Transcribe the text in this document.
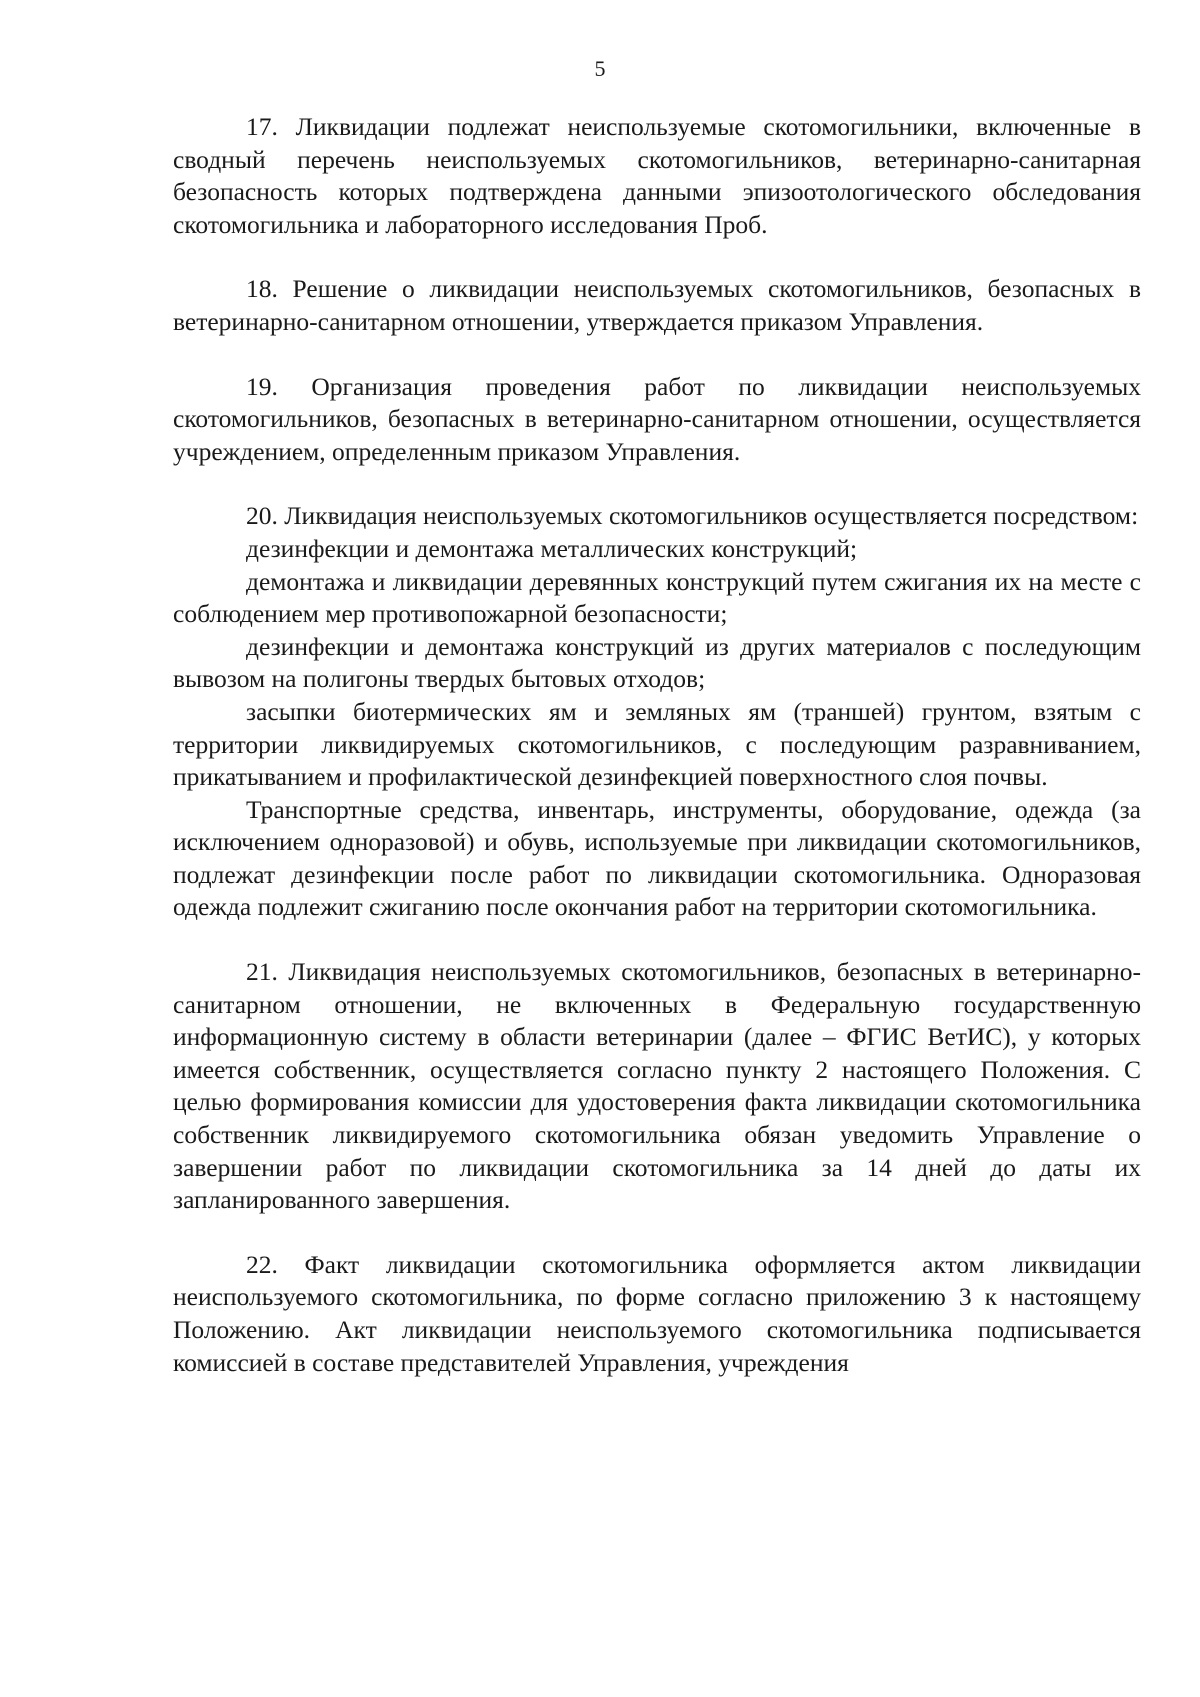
5

17. Ликвидации подлежат неиспользуемые скотомогильники, включенные в сводный перечень неиспользуемых скотомогильников, ветеринарно-санитарная безопасность которых подтверждена данными эпизоотологического обследования скотомогильника и лабораторного исследования Проб.

18. Решение о ликвидации неиспользуемых скотомогильников, безопасных в ветеринарно-санитарном отношении, утверждается приказом Управления.

19. Организация проведения работ по ликвидации неиспользуемых скотомогильников, безопасных в ветеринарно-санитарном отношении, осуществляется учреждением, определенным приказом Управления.

20. Ликвидация неиспользуемых скотомогильников осуществляется посредством:

дезинфекции и демонтажа металлических конструкций;

демонтажа и ликвидации деревянных конструкций путем сжигания их на месте с соблюдением мер противопожарной безопасности;

дезинфекции и демонтажа конструкций из других материалов с последующим вывозом на полигоны твердых бытовых отходов;

засыпки биотермических ям и земляных ям (траншей) грунтом, взятым с территории ликвидируемых скотомогильников, с последующим разравниванием, прикатыванием и профилактической дезинфекцией поверхностного слоя почвы.

Транспортные средства, инвентарь, инструменты, оборудование, одежда (за исключением одноразовой) и обувь, используемые при ликвидации скотомогильников, подлежат дезинфекции после работ по ликвидации скотомогильника. Одноразовая одежда подлежит сжиганию после окончания работ на территории скотомогильника.

21. Ликвидация неиспользуемых скотомогильников, безопасных в ветеринарно-санитарном отношении, не включенных в Федеральную государственную информационную систему в области ветеринарии (далее – ФГИС ВетИС), у которых имеется собственник, осуществляется согласно пункту 2 настоящего Положения. С целью формирования комиссии для удостоверения факта ликвидации скотомогильника собственник ликвидируемого скотомогильника обязан уведомить Управление о завершении работ по ликвидации скотомогильника за 14 дней до даты их запланированного завершения.

22. Факт ликвидации скотомогильника оформляется актом ликвидации неиспользуемого скотомогильника, по форме согласно приложению 3 к настоящему Положению. Акт ликвидации неиспользуемого скотомогильника подписывается комиссией в составе представителей Управления, учреждения
